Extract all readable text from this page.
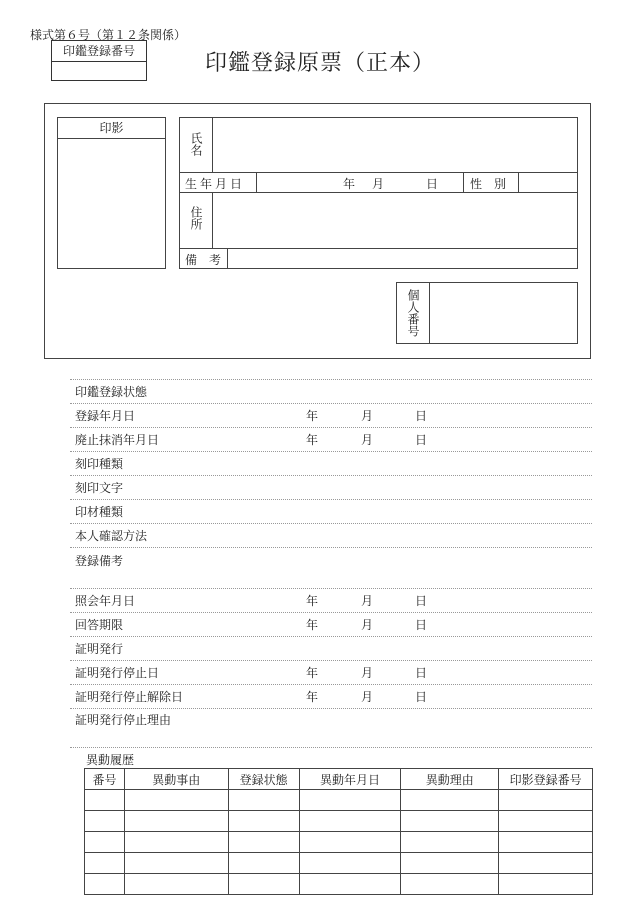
様式第６号（第１２条関係）
印鑑登録番号	印鑑登録原票（正本）
印影
氏名
生年月日	年 月	日	性　別
住所
備　考
個人番号
印鑑登録状態
登録年月日	年	月	日
廃止抹消年月日	年	月	日
刻印種類
刻印文字
印材種類
本人確認方法
登録備考
照会年月日	年	月	日
回答期限	年	月	日
証明発行
証明発行停止日	年	月	日
証明発行停止解除日	年	月	日
証明発行停止理由
異動履歴
番号	異動事由	登録状態	異動年月日	異動理由	印影登録番号
